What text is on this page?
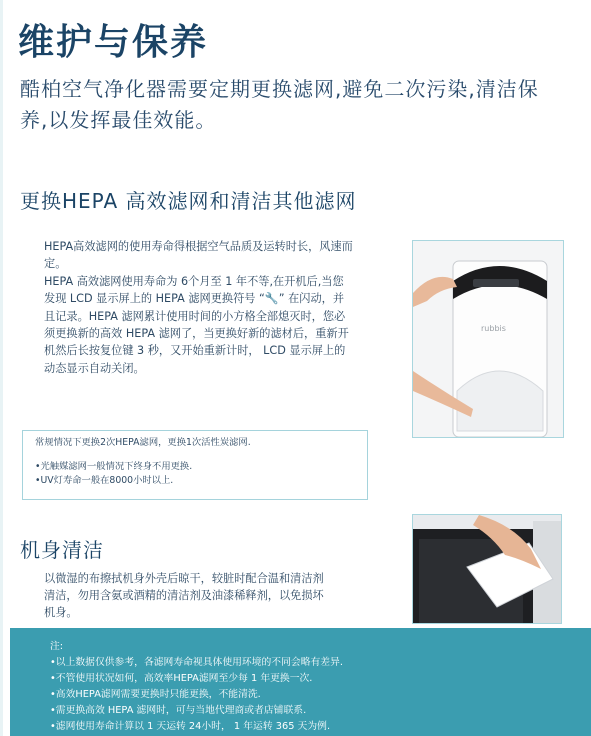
维护与保养

酷柏空气净化器需要定期更换滤网,避免二次污染,清洁保养,以发挥最佳效能。

更换HEPA 高效滤网和清洁其他滤网

HEPA高效滤网的使用寿命得根据空气品质及运转时长，风速而定。

HEPA 高效滤网使用寿命为 6个月至 1 年不等,在开机后,当您发现 LCD 显示屏上的 HEPA 滤网更换符号 “🔧” 在闪动，并且记录。HEPA 滤网累计使用时间的小方格全部熄灭时，您必须更换新的高效 HEPA 滤网了，当更换好新的滤材后，重新开机然后长按复位键 3 秒，又开始重新计时， LCD 显示屏上的动态显示自动关闭。

常规情况下更换2次HEPA滤网，更换1次活性炭滤网.

•光触媒滤网一般情况下终身不用更换.

•UV灯寿命一般在8000小时以上.

rubbis
机身清洁

以微湿的布擦拭机身外壳后晾干，较脏时配合温和清洁剂清洁，勿用含氨或酒精的清洁剂及油漆稀释剂，以免损坏机身。

注:

•以上数据仅供参考，各滤网寿命视具体使用环境的不同会略有差异.

•不管使用状况如何，高效率HEPA滤网至少每 1 年更换一次.

•高效HEPA滤网需要更换时只能更换，不能清洗.

•需更换高效 HEPA 滤网时，可与当地代理商或者店铺联系.

•滤网使用寿命计算以 1 天运转 24小时， 1 年运转 365 天为例.
